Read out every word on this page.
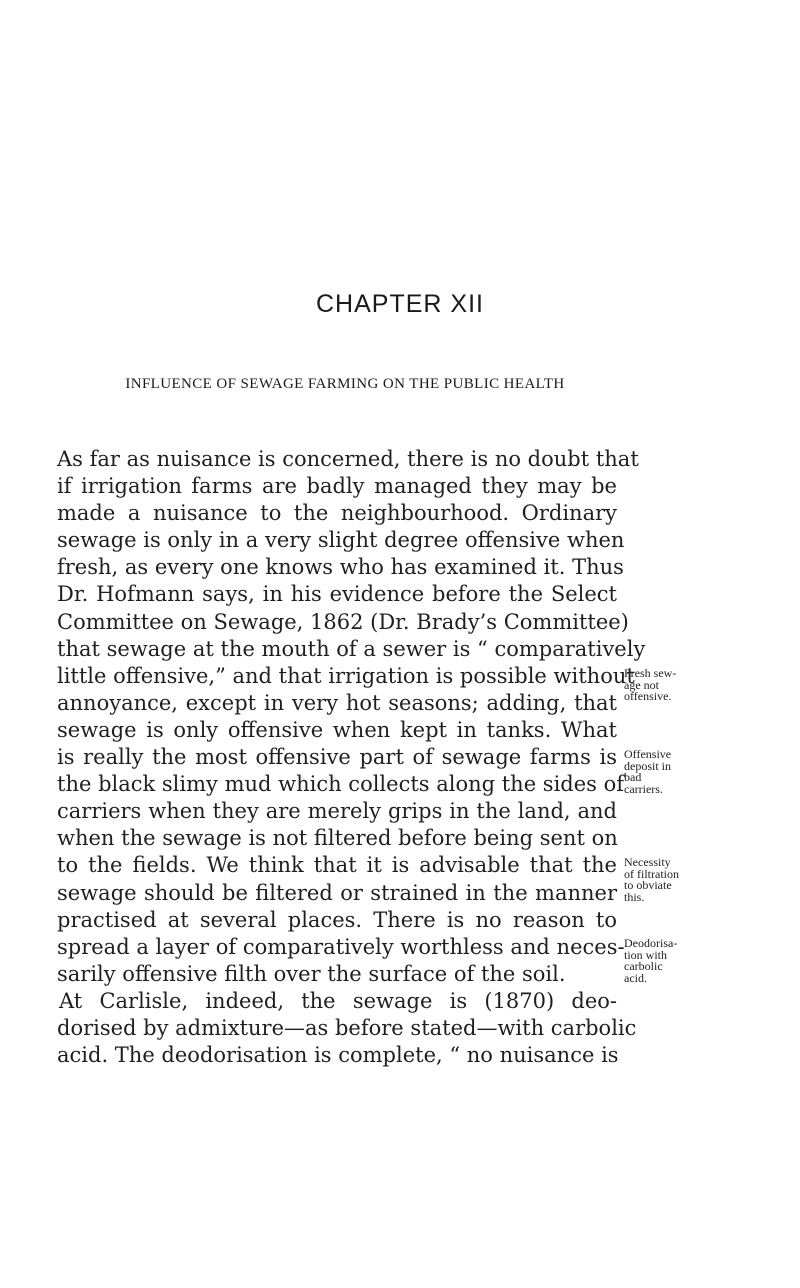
CHAPTER XII
INFLUENCE OF SEWAGE FARMING ON THE PUBLIC HEALTH
As far as nuisance is concerned, there is no doubt that
if irrigation farms are badly managed they may be
made a nuisance to the neighbourhood. Ordinary
sewage is only in a very slight degree offensive when
fresh, as every one knows who has examined it. Thus
Dr. Hofmann says, in his evidence before the Select
Committee on Sewage, 1862 (Dr. Brady’s Committee)
that sewage at the mouth of a sewer is “ comparatively
little offensive,” and that irrigation is possible without
annoyance, except in very hot seasons; adding, that
sewage is only offensive when kept in tanks. What
is really the most offensive part of sewage farms is
the black slimy mud which collects along the sides of
carriers when they are merely grips in the land, and
when the sewage is not filtered before being sent on
to the fields. We think that it is advisable that the
sewage should be filtered or strained in the manner
practised at several places. There is no reason to
spread a layer of comparatively worthless and neces-
sarily offensive filth over the surface of the soil.
At Carlisle, indeed, the sewage is (1870) deo-
dorised by admixture—as before stated—with carbolic
acid. The deodorisation is complete, “ no nuisance is
Fresh sew-
age not
offensive.
Offensive
deposit in
bad
carriers.
Necessity
of filtration
to obviate
this.
Deodorisa-
tion with
carbolic
acid.
